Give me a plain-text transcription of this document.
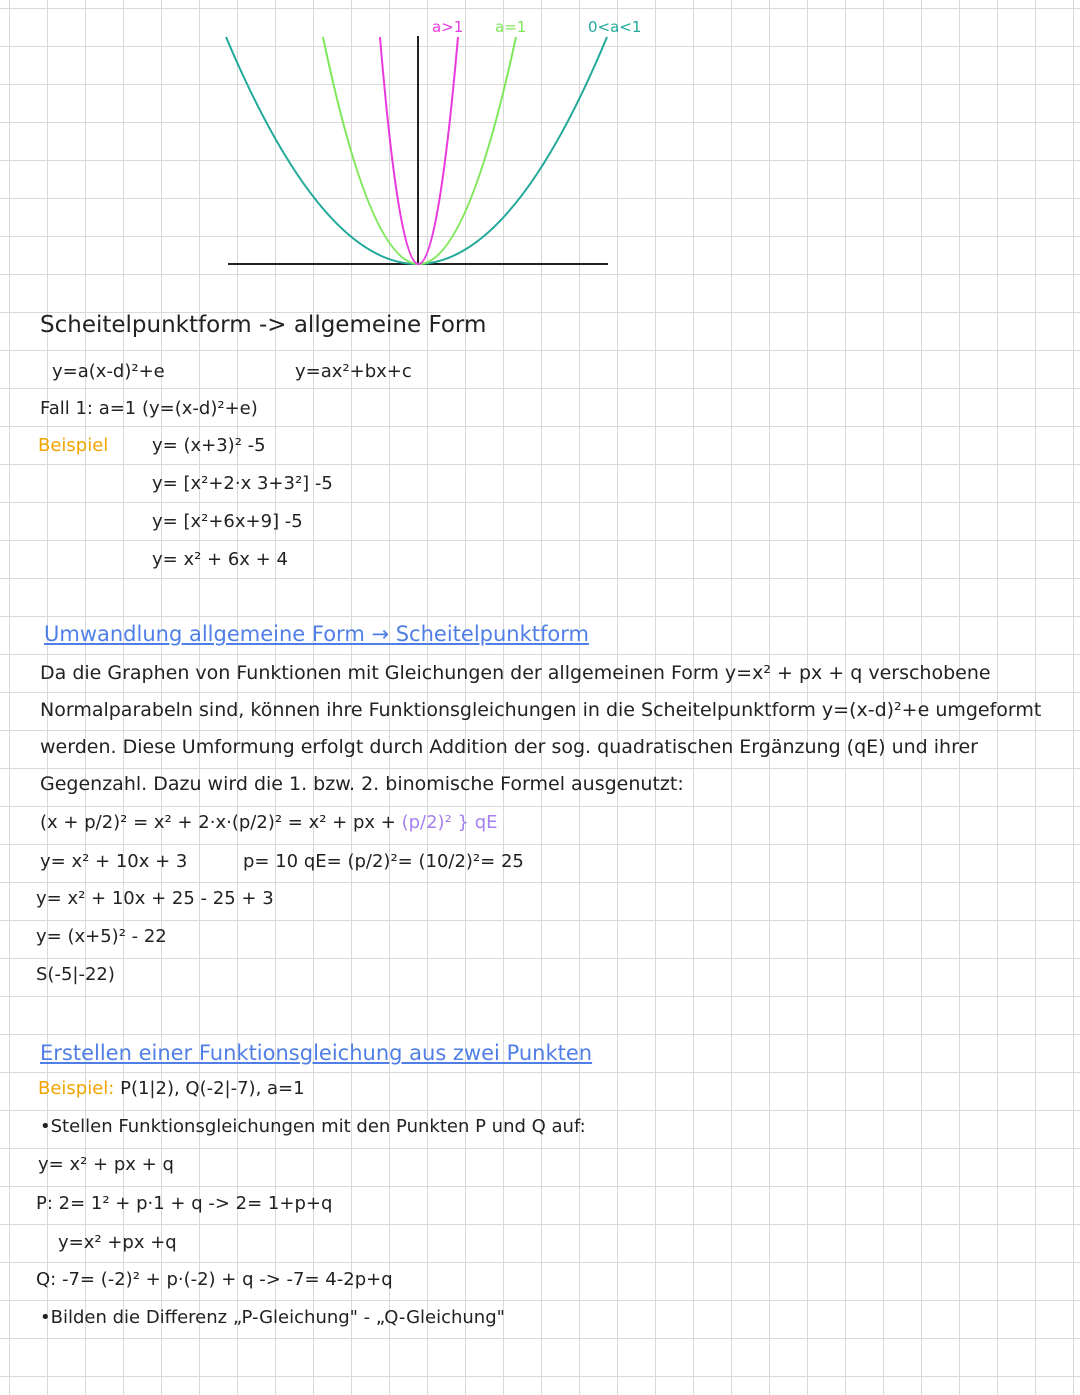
a>1 a=1	0<a<1
Scheitelpunktform -> allgemeine Form
y=a(x-d)²+e	y=ax²+bx+c
Fall 1: a=1 (y=(x-d)²+e)
Beispiel y= (x+3)² -5
y= [x²+2·x 3+3²] -5
y= [x²+6x+9] -5
y= x² + 6x + 4
Umwandlung allgemeine Form → Scheitelpunktform
Da die Graphen von Funktionen mit Gleichungen der allgemeinen Form y=x² + px + q verschobene
Normalparabeln sind, können ihre Funktionsgleichungen in die Scheitelpunktform y=(x-d)²+e umgeformt
werden. Diese Umformung erfolgt durch Addition der sog. quadratischen Ergänzung (qE) und ihrer
Gegenzahl. Dazu wird die 1. bzw. 2. binomische Formel ausgenutzt:
(x + p/2)² = x² + 2·x·(p/2)² = x² + px + (p/2)² } qE
y= x² + 10x + 3	p= 10 qE= (p/2)²= (10/2)²= 25
y= x² + 10x + 25 - 25 + 3
y= (x+5)² - 22
S(-5|-22)
Erstellen einer Funktionsgleichung aus zwei Punkten
Beispiel: P(1|2), Q(-2|-7), a=1
•Stellen Funktionsgleichungen mit den Punkten P und Q auf:
y= x² + px + q
P: 2= 1² + p·1 + q -> 2= 1+p+q
y=x² +px +q
Q: -7= (-2)² + p·(-2) + q -> -7= 4-2p+q
•Bilden die Differenz „P-Gleichung" - „Q-Gleichung"
